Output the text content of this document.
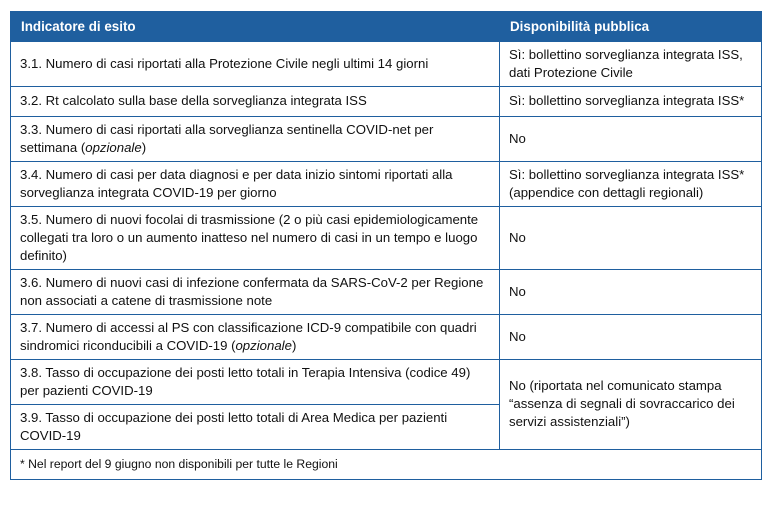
Indicatore di esito	Disponibilità pubblica
3.1. Numero di casi riportati alla Protezione Civile negli ultimi 14 giorni	Sì: bollettino sorveglianza integrata ISS, dati Protezione Civile
3.2. Rt calcolato sulla base della sorveglianza integrata ISS	Sì: bollettino sorveglianza integrata ISS*
3.3. Numero di casi riportati alla sorveglianza sentinella COVID-net per settimana (opzionale)	No
3.4. Numero di casi per data diagnosi e per data inizio sintomi riportati alla sorveglianza integrata COVID-19 per giorno	Sì: bollettino sorveglianza integrata ISS* (appendice con dettagli regionali)
3.5. Numero di nuovi focolai di trasmissione (2 o più casi epidemiologicamente collegati tra loro o un aumento inatteso nel numero di casi in un tempo e luogo definito)	No
3.6. Numero di nuovi casi di infezione confermata da SARS-CoV-2 per Regione non associati a catene di trasmissione note	No
3.7. Numero di accessi al PS con classificazione ICD-9 compatibile con quadri sindromici riconducibili a COVID-19 (opzionale)	No
3.8. Tasso di occupazione dei posti letto totali in Terapia Intensiva (codice 49) per pazienti COVID-19	No (riportata nel comunicato stampa “assenza di segnali di sovraccarico dei servizi assistenziali”)
3.9. Tasso di occupazione dei posti letto totali di Area Medica per pazienti COVID-19	
* Nel report del 9 giugno non disponibili per tutte le Regioni	
